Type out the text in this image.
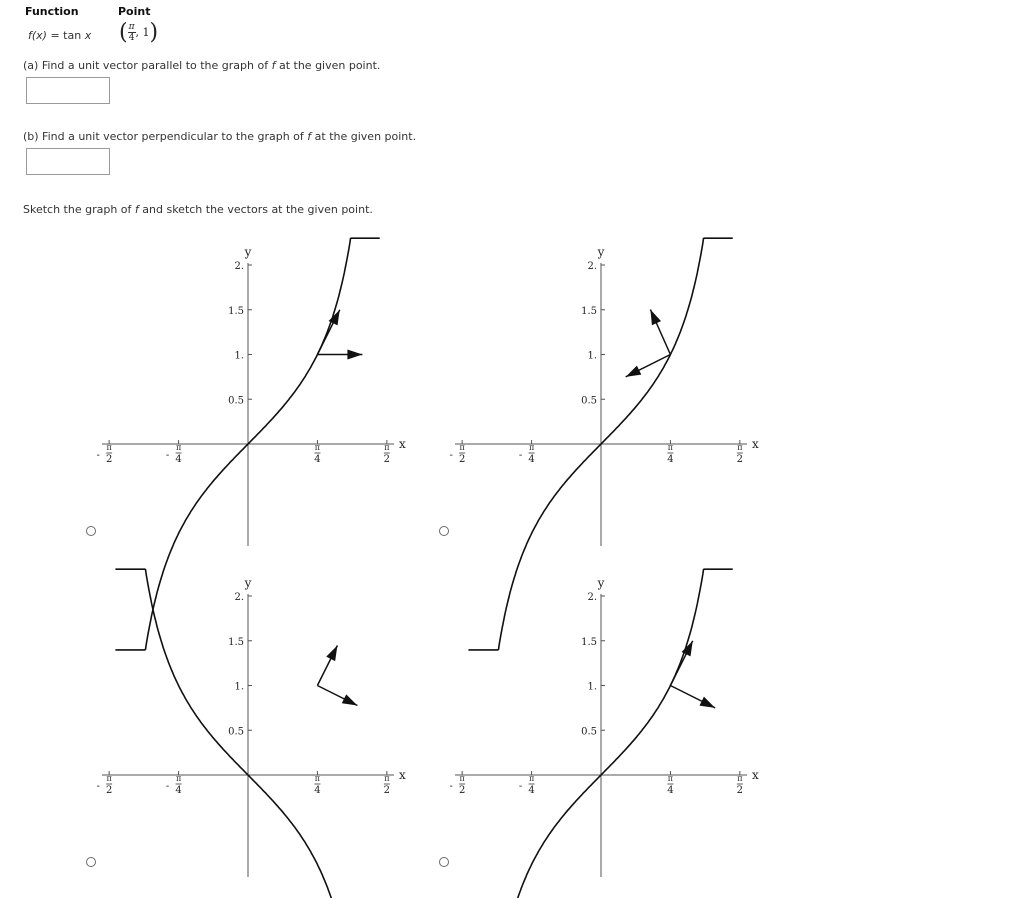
Function	Point
f(x) = tan x ( $\frac{\pi}{4}$ , 1)
(a) Find a unit vector parallel to the graph of f at the given point.
(b) Find a unit vector perpendicular to the graph of f at the given point.
Sketch the graph of f and sketch the vectors at the given point.
y
x
0.5
1.
1.5
2.
π
2
-
π
4
-
π
4
π
2
y
x
0.5
1.
1.5
2.
π
2
-
π
4
-
π
4
π
2
y
x
0.5
1.
1.5
2.
π
2
-
π
4
-
π
4
π
2
y
x
0.5
1.
1.5
2.
π
2
-
π
4
-
π
4
π
2
